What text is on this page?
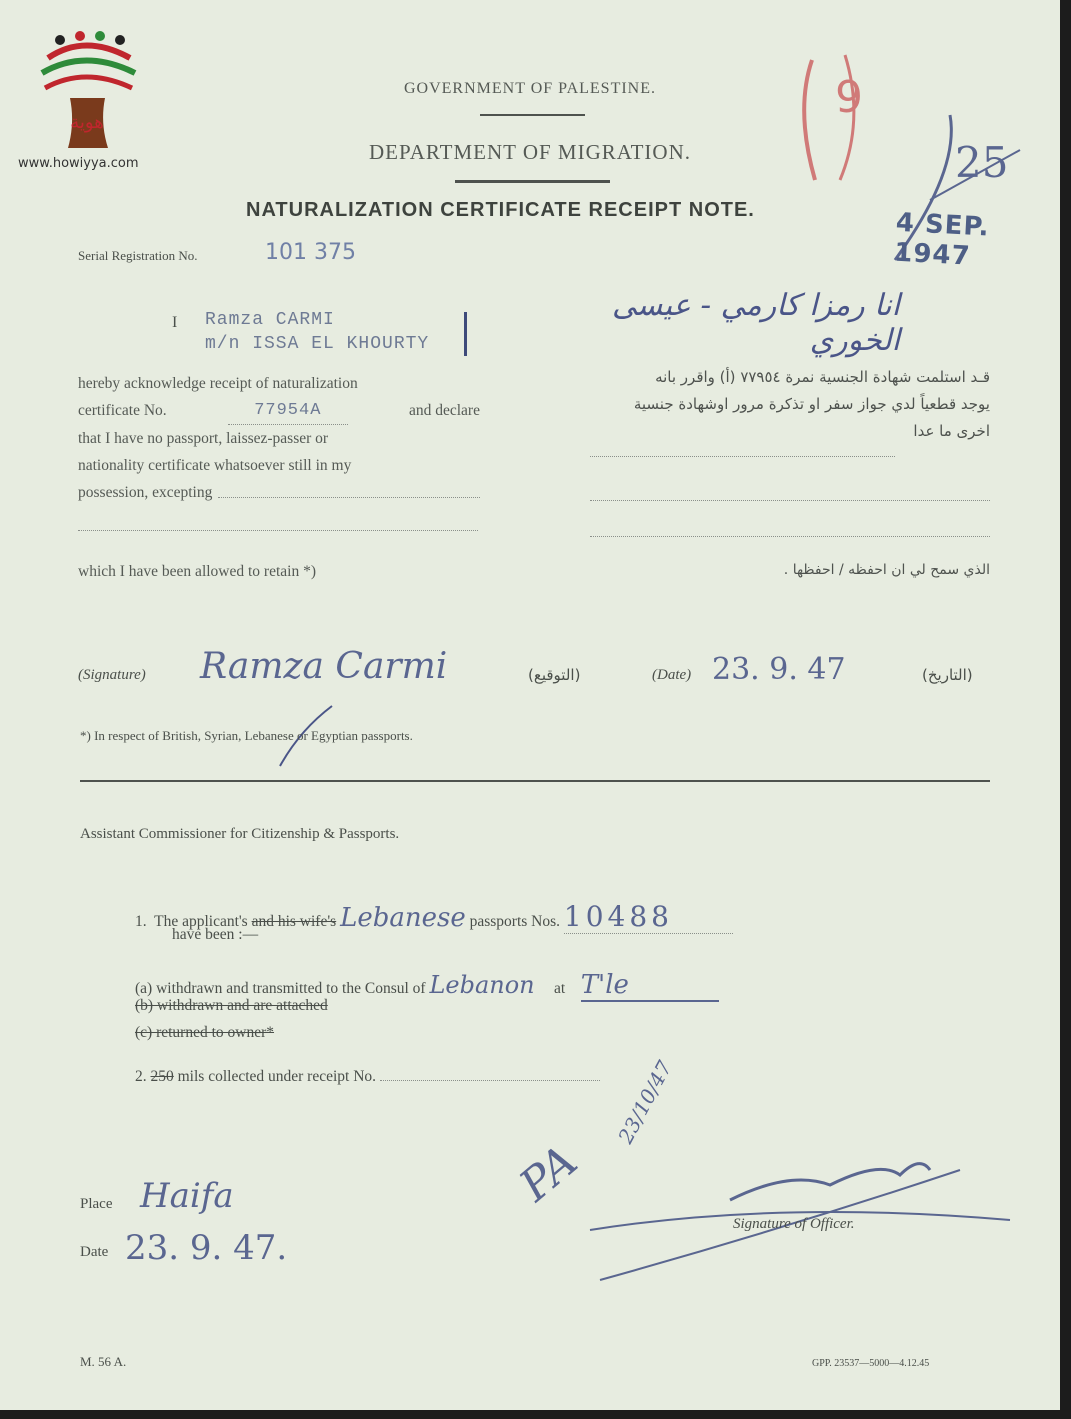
هوية
www.howiyya.com
GOVERNMENT OF PALESTINE.
DEPARTMENT OF MIGRATION.
NATURALIZATION CERTIFICATE RECEIPT NOTE.
9
25
4 SEP. 1947
Serial Registration No.	101 375
I Ramza CARMI
m/n ISSA EL KHOURTY
hereby acknowledge receipt of naturalization
certificate No.	77954A	and declare
that I have no passport, laissez-passer or
nationality certificate whatsoever still in my
possession, excepting
which I have been allowed to retain *)
انا رمزا كارمي - عيسى الخوري
قـد استلمت شهادة الجنسية نمرة ٧٧٩٥٤ (أ) واقرر بانه
يوجد قطعياً لدي جواز سفر او تذكرة مرور اوشهادة جنسية
اخرى ما عدا
الذي سمح لي ان احفظه / احفظها .
(Signature) Ramza Carmi	(التوقيع)	(Date) 23. 9. 47	(التاريخ)
*) In respect of British, Syrian, Lebanese or Egyptian passports.
Assistant Commissioner for Citizenship & Passports.
1. The applicant's and his wife's Lebanese passports Nos. 10488
have been :—
(a) withdrawn and transmitted to the Consul of Lebanon at T'le
(b) withdrawn and are attached
(c) returned to owner*
2. 250 mils collected under receipt No.
PA
23/10/47
Place Haifa
Date 23. 9. 47.
Signature of Officer.
M. 56 A.	GPP. 23537—5000—4.12.45
